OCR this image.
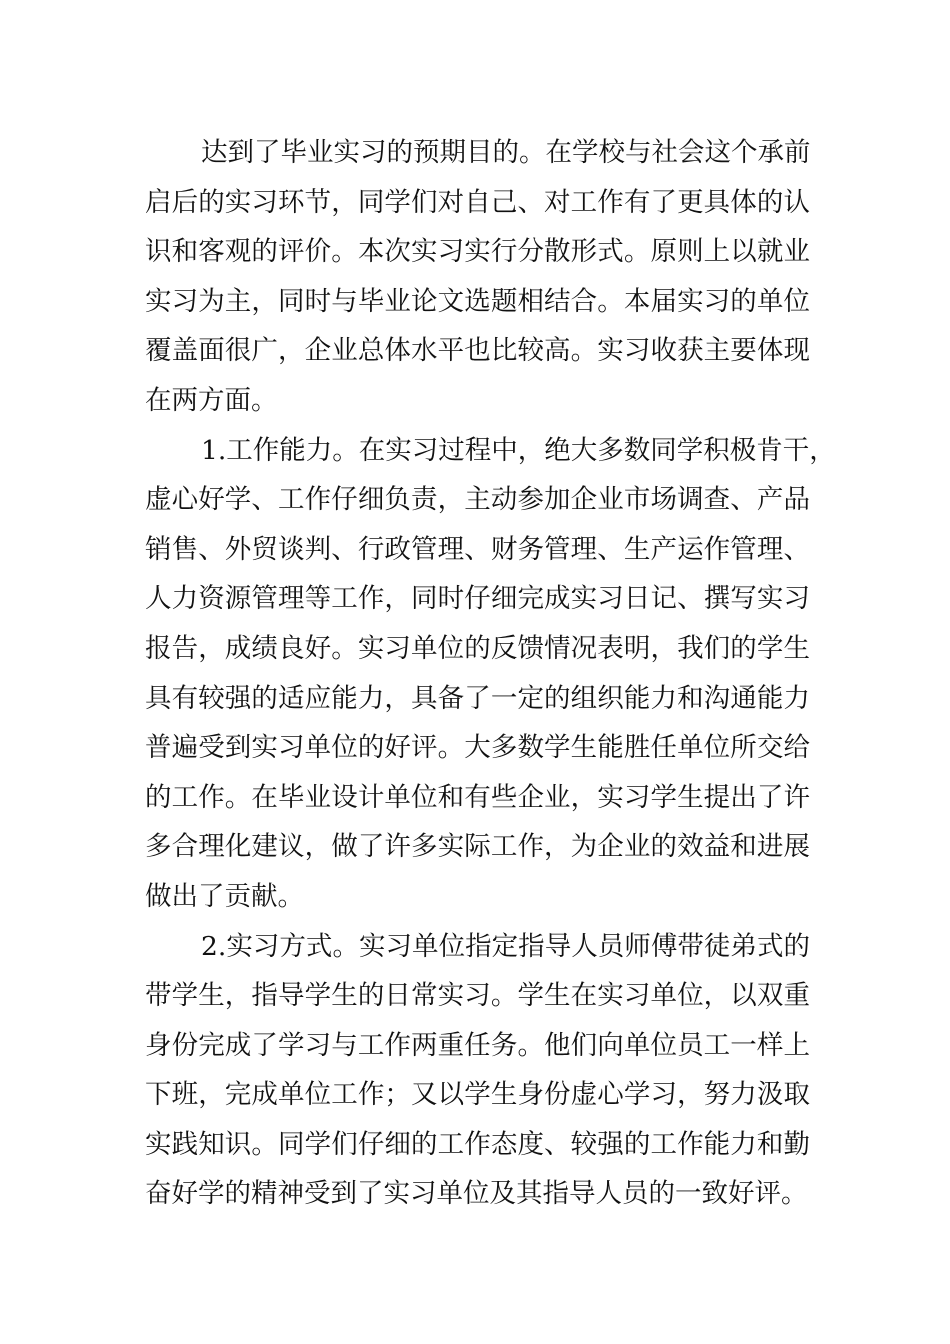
达到了毕业实习的预期目的。在学校与社会这个承前
启后的实习环节，同学们对自己、对工作有了更具体的认
识和客观的评价。本次实习实行分散形式。原则上以就业
实习为主，同时与毕业论文选题相结合。本届实习的单位
覆盖面很广，企业总体水平也比较高。实习收获主要体现
在两方面。
1.工作能力。在实习过程中，绝大多数同学积极肯干，
虚心好学、工作仔细负责，主动参加企业市场调查、产品
销售、外贸谈判、行政管理、财务管理、生产运作管理、
人力资源管理等工作，同时仔细完成实习日记、撰写实习
报告，成绩良好。实习单位的反馈情况表明，我们的学生
具有较强的适应能力，具备了一定的组织能力和沟通能力
普遍受到实习单位的好评。大多数学生能胜任单位所交给
的工作。在毕业设计单位和有些企业，实习学生提出了许
多合理化建议，做了许多实际工作，为企业的效益和进展
做出了贡献。
2.实习方式。实习单位指定指导人员师傅带徒弟式的
带学生，指导学生的日常实习。学生在实习单位，以双重
身份完成了学习与工作两重任务。他们向单位员工一样上
下班，完成单位工作；又以学生身份虚心学习，努力汲取
实践知识。同学们仔细的工作态度、较强的工作能力和勤
奋好学的精神受到了实习单位及其指导人员的一致好评。
